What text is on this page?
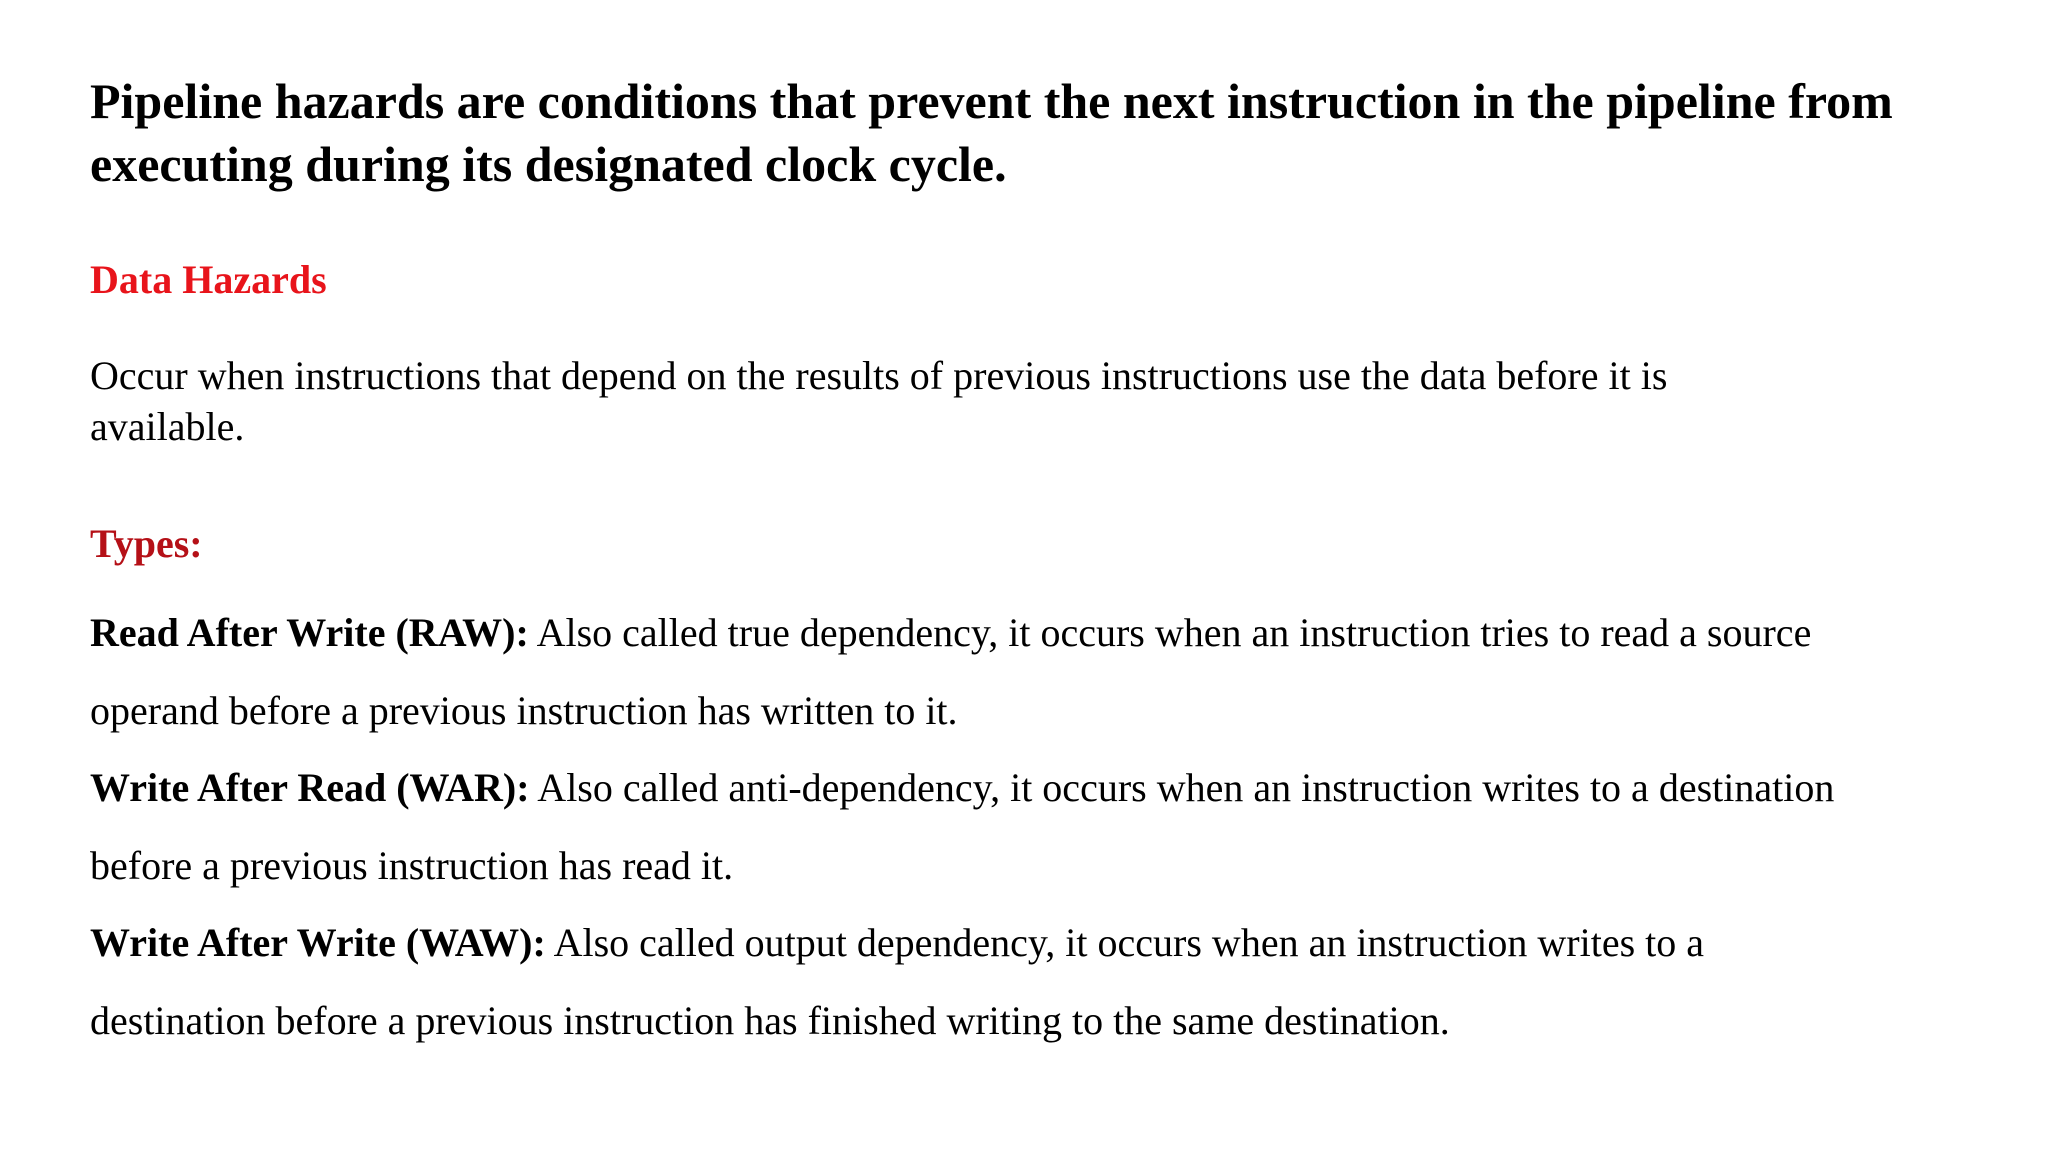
Pipeline hazards are conditions that prevent the next instruction in the pipeline from
executing during its designated clock cycle.
Data Hazards

Occur when instructions that depend on the results of previous instructions use the data before it is
available.

Types:
Read After Write (RAW): Also called true dependency, it occurs when an instruction tries to read a source
operand before a previous instruction has written to it.
Write After Read (WAR): Also called anti-dependency, it occurs when an instruction writes to a destination
before a previous instruction has read it.
Write After Write (WAW): Also called output dependency, it occurs when an instruction writes to a
destination before a previous instruction has finished writing to the same destination.
